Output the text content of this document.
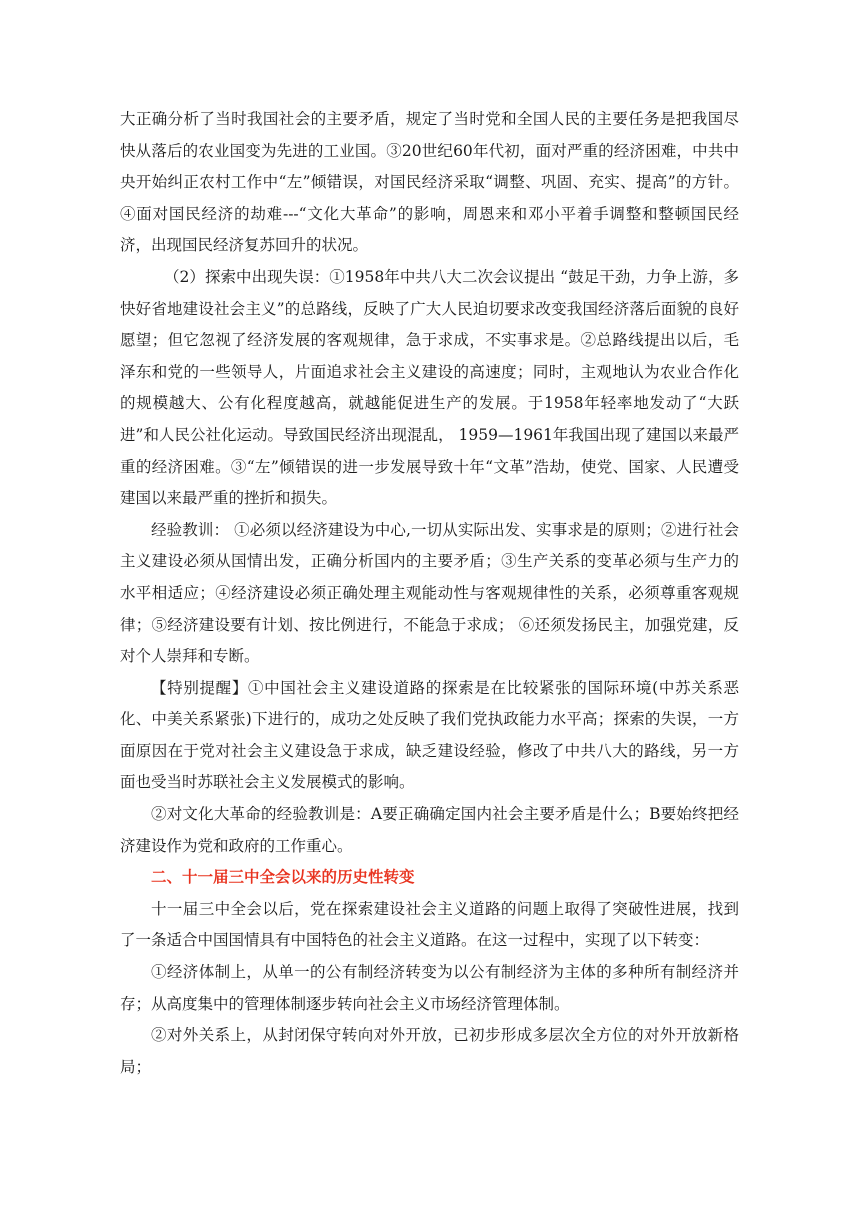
大正确分析了当时我国社会的主要矛盾，规定了当时党和全国人民的主要任务是把我国尽快从落后的农业国变为先进的工业国。③20世纪60年代初，面对严重的经济困难，中共中央开始纠正农村工作中“左”倾错误，对国民经济采取“调整、巩固、充实、提高”的方针。④面对国民经济的劫难---“文化大革命”的影响，周恩来和邓小平着手调整和整顿国民经济，出现国民经济复苏回升的状况。

（2）探索中出现失误：①1958年中共八大二次会议提出 “鼓足干劲，力争上游，多快好省地建设社会主义”的总路线，反映了广大人民迫切要求改变我国经济落后面貌的良好愿望；但它忽视了经济发展的客观规律，急于求成，不实事求是。②总路线提出以后，毛泽东和党的一些领导人，片面追求社会主义建设的高速度；同时，主观地认为农业合作化的规模越大、公有化程度越高，就越能促进生产的发展。于1958年轻率地发动了“大跃进”和人民公社化运动。导致国民经济出现混乱， 1959—1961年我国出现了建国以来最严重的经济困难。③“左”倾错误的进一步发展导致十年“文革”浩劫，使党、国家、人民遭受建国以来最严重的挫折和损失。

经验教训： ①必须以经济建设为中心,一切从实际出发、实事求是的原则；②进行社会主义建设必须从国情出发，正确分析国内的主要矛盾；③生产关系的变革必须与生产力的水平相适应；④经济建设必须正确处理主观能动性与客观规律性的关系，必须尊重客观规律；⑤经济建设要有计划、按比例进行，不能急于求成； ⑥还须发扬民主，加强党建，反对个人崇拜和专断。

【特别提醒】①中国社会主义建设道路的探索是在比较紧张的国际环境(中苏关系恶化、中美关系紧张)下进行的，成功之处反映了我们党执政能力水平高；探索的失误，一方面原因在于党对社会主义建设急于求成，缺乏建设经验，修改了中共八大的路线，另一方面也受当时苏联社会主义发展模式的影响。

②对文化大革命的经验教训是：A要正确确定国内社会主要矛盾是什么；B要始终把经济建设作为党和政府的工作重心。

二、十一届三中全会以来的历史性转变

十一届三中全会以后，党在探索建设社会主义道路的问题上取得了突破性进展，找到了一条适合中国国情具有中国特色的社会主义道路。在这一过程中，实现了以下转变：

①经济体制上，从单一的公有制经济转变为以公有制经济为主体的多种所有制经济并存；从高度集中的管理体制逐步转向社会主义市场经济管理体制。

②对外关系上，从封闭保守转向对外开放，已初步形成多层次全方位的对外开放新格局；
